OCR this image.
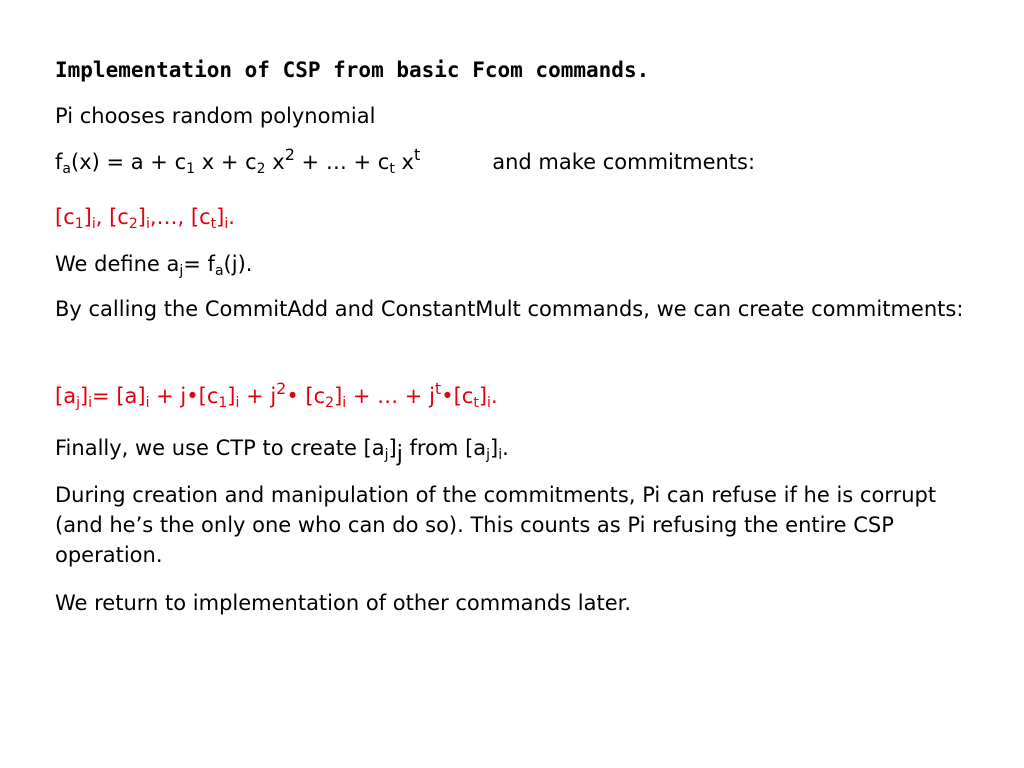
Implementation of CSP from basic Fcom commands.
Pi chooses random polynomial
$f_a(x) = a + c_1$ $x + c_2$ $x^2$ + … + $c_t$ $x^t$	and make commitments:
$[c_1]_i$, $[c_2]_i,\dots$, $[c_t]_i$.
We define $a_j= f_a(j)$.
By calling the CommitAdd and ConstantMult commands, we can create commitments:
$[a_j]_i= [a]_i$ + $j•[c_1]_i$ + $j^2•$ $[c_2]_i$ + … + $j^t•[c_t]_i$.
Finally, we use CTP to create $[a_j]j$ from $[a_j]_i$.
During creation and manipulation of the commitments, Pi can refuse if he is corrupt (and he’s the only one who can do so). This counts as Pi refusing the entire CSP operation.
We return to implementation of other commands later.
